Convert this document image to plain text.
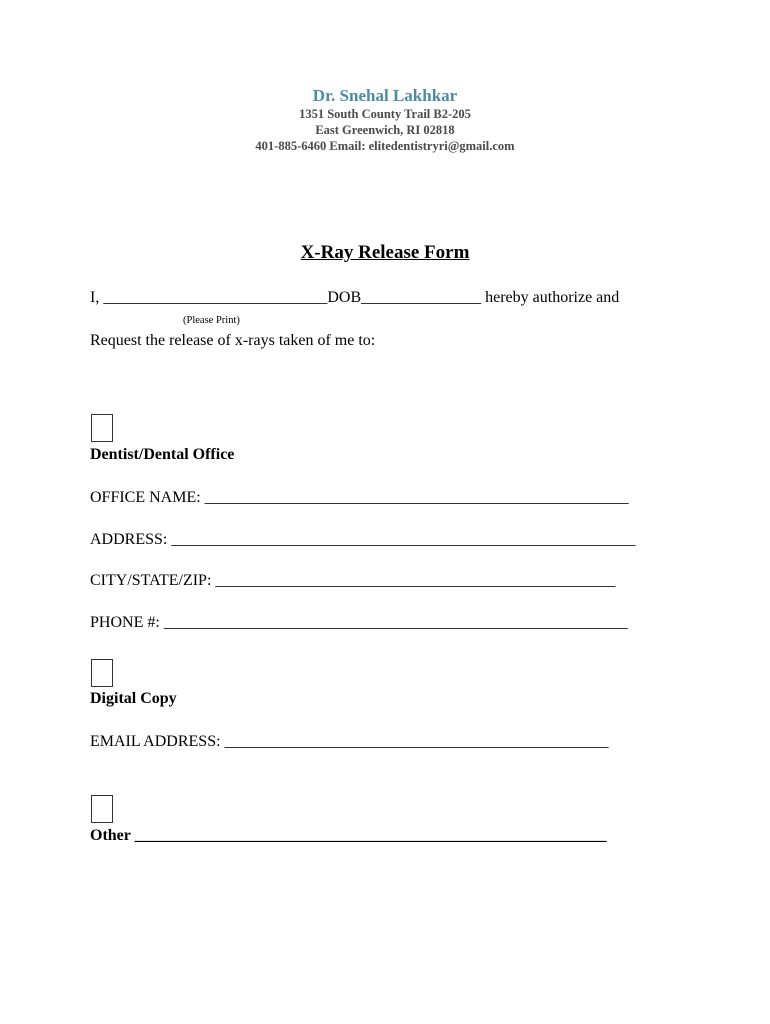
Dr. Snehal Lakhkar
1351 South County Trail B2-205
East Greenwich, RI 02818
401-885-6460 Email: elitedentistryri@gmail.com
X-Ray Release Form
I, ____________________________DOB_______________ hereby authorize and
(Please Print)
Request the release of x-rays taken of me to:
Dentist/Dental Office
OFFICE NAME: _____________________________________________________
ADDRESS: __________________________________________________________
CITY/STATE/ZIP: __________________________________________________
PHONE #: __________________________________________________________
Digital Copy
EMAIL ADDRESS: ________________________________________________
Other ___________________________________________________________
